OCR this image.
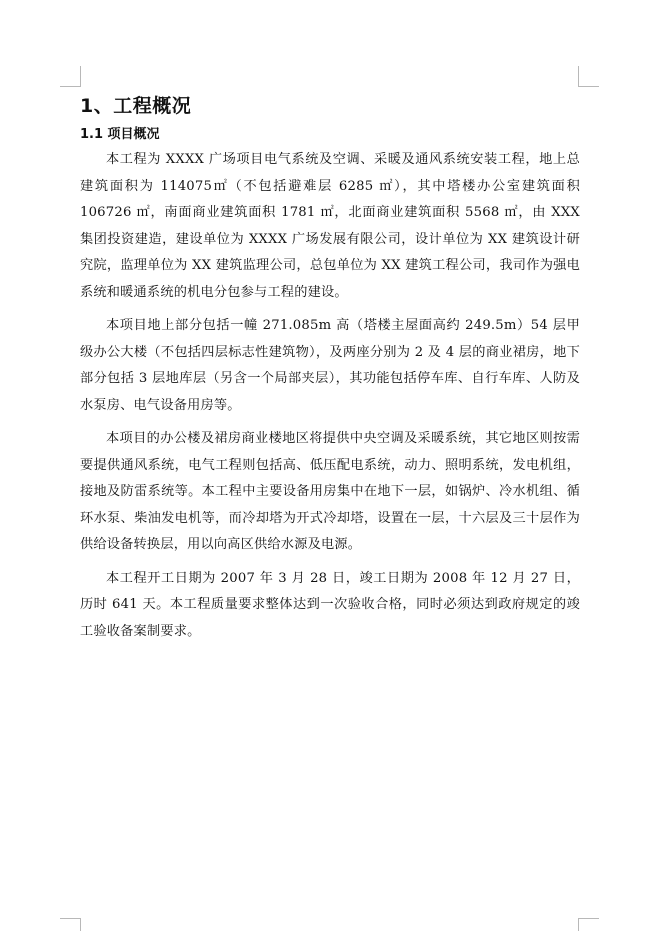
1、工程概况
1.1 项目概况

本工程为 XXXX 广场项目电气系统及空调、采暖及通风系统安装工程，地上总建筑面积为 114075㎡（不包括避难层 6285 ㎡），其中塔楼办公室建筑面积 106726 ㎡，南面商业建筑面积 1781 ㎡，北面商业建筑面积 5568 ㎡，由 XXX 集团投资建造，建设单位为 XXXX 广场发展有限公司，设计单位为 XX 建筑设计研究院，监理单位为 XX 建筑监理公司，总包单位为 XX 建筑工程公司，我司作为强电系统和暖通系统的机电分包参与工程的建设。

本项目地上部分包括一幢 271.085m 高（塔楼主屋面高约 249.5m）54 层甲级办公大楼（不包括四层标志性建筑物），及两座分别为 2 及 4 层的商业裙房，地下部分包括 3 层地库层（另含一个局部夹层），其功能包括停车库、自行车库、人防及水泵房、电气设备用房等。

本项目的办公楼及裙房商业楼地区将提供中央空调及采暖系统，其它地区则按需要提供通风系统，电气工程则包括高、低压配电系统，动力、照明系统，发电机组，接地及防雷系统等。本工程中主要设备用房集中在地下一层，如锅炉、冷水机组、循环水泵、柴油发电机等，而冷却塔为开式冷却塔，设置在一层，十六层及三十层作为供给设备转换层，用以向高区供给水源及电源。

本工程开工日期为 2007 年 3 月 28 日，竣工日期为 2008 年 12 月 27 日，历时 641 天。本工程质量要求整体达到一次验收合格，同时必须达到政府规定的竣工验收备案制要求。
